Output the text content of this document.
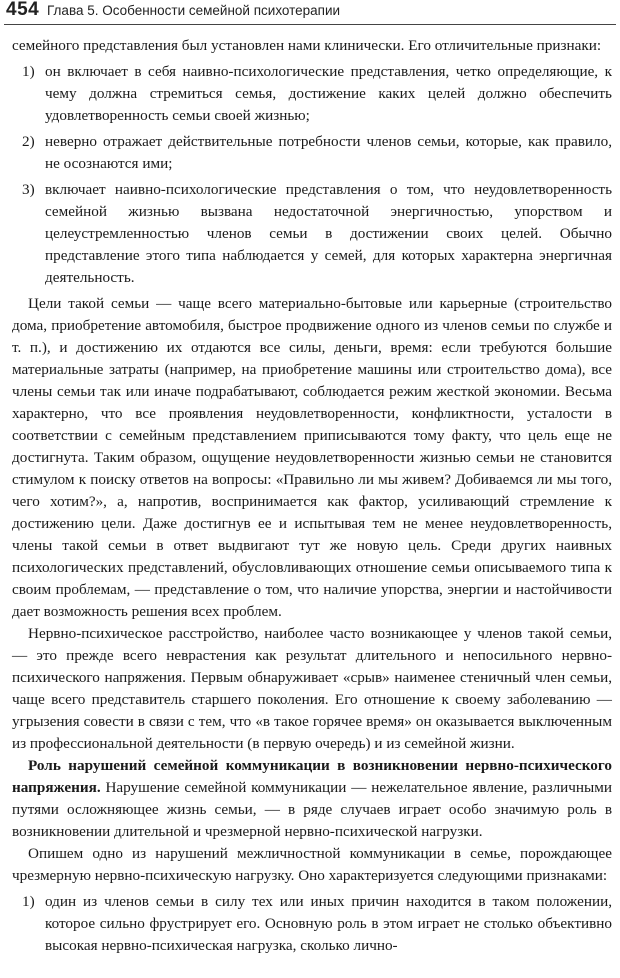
454 Глава 5. Особенности семейной психотерапии

семейного представления был установлен нами клинически. Его отличительные признаки:

1) он включает в себя наивно-психологические представления, четко определяющие, к чему должна стремиться семья, достижение каких целей должно обеспечить удовлетворенность семьи своей жизнью;
2) неверно отражает действительные потребности членов семьи, которые, как правило, не осознаются ими;
3) включает наивно-психологические представления о том, что неудовлетворенность семейной жизнью вызвана недостаточной энергичностью, упорством и целеустремленностью членов семьи в достижении своих целей. Обычно представление этого типа наблюдается у семей, для которых характерна энергичная деятельность.

Цели такой семьи — чаще всего материально-бытовые или карьерные (строительство дома, приобретение автомобиля, быстрое продвижение одного из членов семьи по службе и т. п.), и достижению их отдаются все силы, деньги, время: если требуются большие материальные затраты (например, на приобретение машины или строительство дома), все члены семьи так или иначе подрабатывают, соблюдается режим жесткой экономии. Весьма характерно, что все проявления неудовлетворенности, конфликтности, усталости в соответствии с семейным представлением приписываются тому факту, что цель еще не достигнута. Таким образом, ощущение неудовлетворенности жизнью семьи не становится стимулом к поиску ответов на вопросы: «Правильно ли мы живем? Добиваемся ли мы того, чего хотим?», а, напротив, воспринимается как фактор, усиливающий стремление к достижению цели. Даже достигнув ее и испытывая тем не менее неудовлетворенность, члены такой семьи в ответ выдвигают тут же новую цель. Среди других наивных психологических представлений, обусловливающих отношение семьи описываемого типа к своим проблемам, — представление о том, что наличие упорства, энергии и настойчивости дает возможность решения всех проблем.

Нервно-психическое расстройство, наиболее часто возникающее у членов такой семьи, — это прежде всего неврастения как результат длительного и непосильного нервно-психического напряжения. Первым обнаруживает «срыв» наименее стеничный член семьи, чаще всего представитель старшего поколения. Его отношение к своему заболеванию — угрызения совести в связи с тем, что «в такое горячее время» он оказывается выключенным из профессиональной деятельности (в первую очередь) и из семейной жизни.

Роль нарушений семейной коммуникации в возникновении нервно-психического напряжения. Нарушение семейной коммуникации — нежелательное явление, различными путями осложняющее жизнь семьи, — в ряде случаев играет особо значимую роль в возникновении длительной и чрезмерной нервно-психической нагрузки.

Опишем одно из нарушений межличностной коммуникации в семье, порождающее чрезмерную нервно-психическую нагрузку. Оно характеризуется следующими признаками:

1) один из членов семьи в силу тех или иных причин находится в таком положении, которое сильно фрустрирует его. Основную роль в этом играет не столько объективно высокая нервно-психическая нагрузка, сколько лично-
